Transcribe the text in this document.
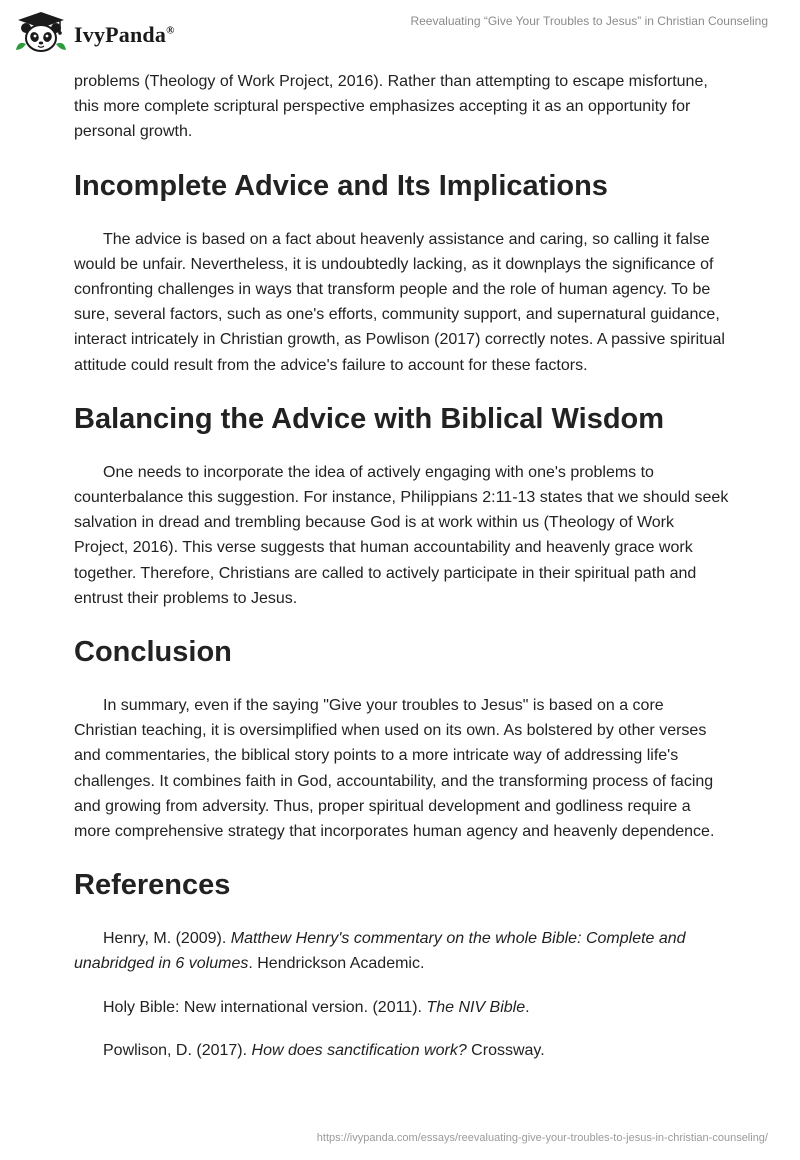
IvyPanda®
Reevaluating “Give Your Troubles to Jesus” in Christian Counseling

problems (Theology of Work Project, 2016). Rather than attempting to escape misfortune, this more complete scriptural perspective emphasizes accepting it as an opportunity for personal growth.

Incomplete Advice and Its Implications

The advice is based on a fact about heavenly assistance and caring, so calling it false would be unfair. Nevertheless, it is undoubtedly lacking, as it downplays the significance of confronting challenges in ways that transform people and the role of human agency. To be sure, several factors, such as one's efforts, community support, and supernatural guidance, interact intricately in Christian growth, as Powlison (2017) correctly notes. A passive spiritual attitude could result from the advice's failure to account for these factors.

Balancing the Advice with Biblical Wisdom

One needs to incorporate the idea of actively engaging with one's problems to counterbalance this suggestion. For instance, Philippians 2:11-13 states that we should seek salvation in dread and trembling because God is at work within us (Theology of Work Project, 2016). This verse suggests that human accountability and heavenly grace work together. Therefore, Christians are called to actively participate in their spiritual path and entrust their problems to Jesus.

Conclusion

In summary, even if the saying "Give your troubles to Jesus" is based on a core Christian teaching, it is oversimplified when used on its own. As bolstered by other verses and commentaries, the biblical story points to a more intricate way of addressing life's challenges. It combines faith in God, accountability, and the transforming process of facing and growing from adversity. Thus, proper spiritual development and godliness require a more comprehensive strategy that incorporates human agency and heavenly dependence.

References

Henry, M. (2009). Matthew Henry's commentary on the whole Bible: Complete and unabridged in 6 volumes. Hendrickson Academic.

Holy Bible: New international version. (2011). The NIV Bible.

Powlison, D. (2017). How does sanctification work? Crossway.

https://ivypanda.com/essays/reevaluating-give-your-troubles-to-jesus-in-christian-counseling/
